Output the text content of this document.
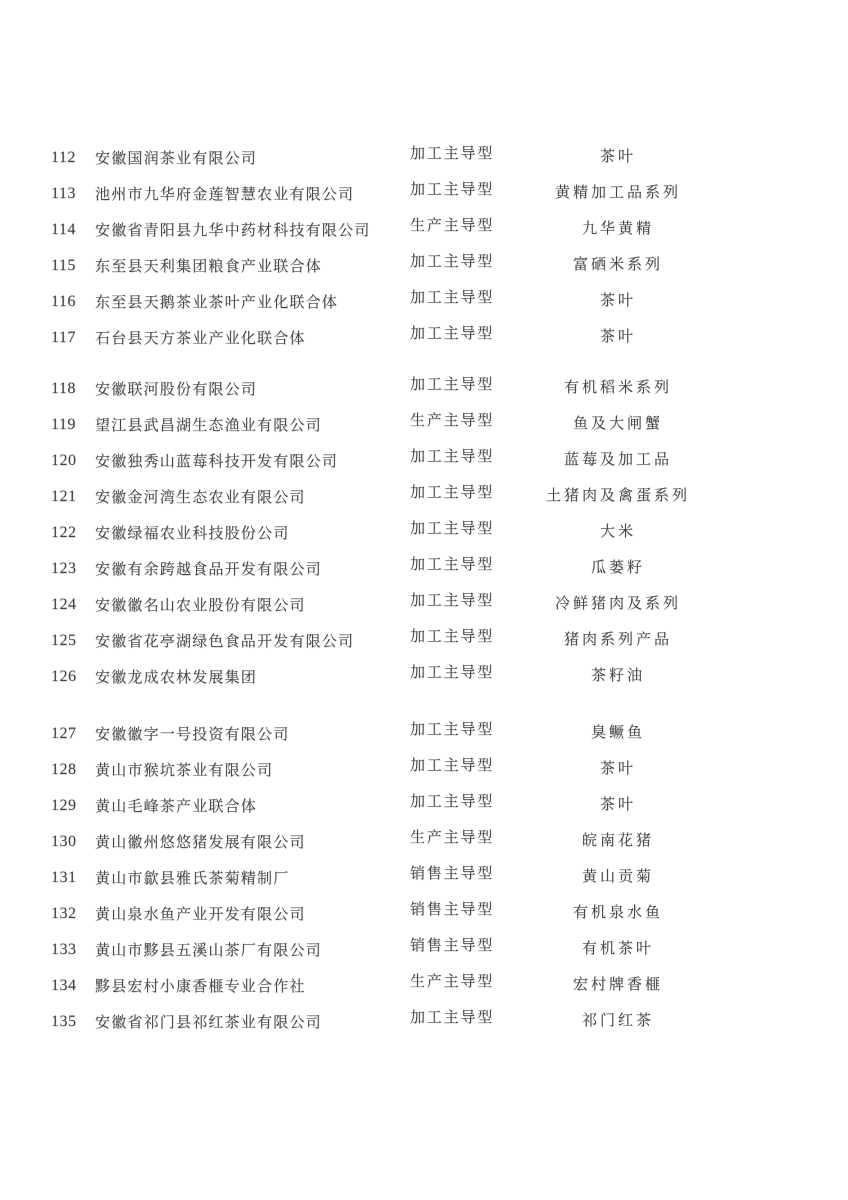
112	安徽国润茶业有限公司	加工主导型	茶叶
113	池州市九华府金莲智慧农业有限公司	加工主导型	黄精加工品系列
114	安徽省青阳县九华中药材科技有限公司	生产主导型	九华黄精
115	东至县天利集团粮食产业联合体	加工主导型	富硒米系列
116	东至县天鹅茶业茶叶产业化联合体	加工主导型	茶叶
117	石台县天方茶业产业化联合体	加工主导型	茶叶
118	安徽联河股份有限公司	加工主导型	有机稻米系列
119	望江县武昌湖生态渔业有限公司	生产主导型	鱼及大闸蟹
120	安徽独秀山蓝莓科技开发有限公司	加工主导型	蓝莓及加工品
121	安徽金河湾生态农业有限公司	加工主导型	土猪肉及禽蛋系列
122	安徽绿福农业科技股份公司	加工主导型	大米
123	安徽有余跨越食品开发有限公司	加工主导型	瓜蒌籽
124	安徽徽名山农业股份有限公司	加工主导型	冷鲜猪肉及系列
125	安徽省花亭湖绿色食品开发有限公司	加工主导型	猪肉系列产品
126	安徽龙成农林发展集团	加工主导型	茶籽油
127	安徽徽字一号投资有限公司	加工主导型	臭鳜鱼
128	黄山市猴坑茶业有限公司	加工主导型	茶叶
129	黄山毛峰茶产业联合体	加工主导型	茶叶
130	黄山徽州悠悠猪发展有限公司	生产主导型	皖南花猪
131	黄山市歙县雅氏茶菊精制厂	销售主导型	黄山贡菊
132	黄山泉水鱼产业开发有限公司	销售主导型	有机泉水鱼
133	黄山市黟县五溪山茶厂有限公司	销售主导型	有机茶叶
134	黟县宏村小康香榧专业合作社	生产主导型	宏村牌香榧
135	安徽省祁门县祁红茶业有限公司	加工主导型	祁门红茶
